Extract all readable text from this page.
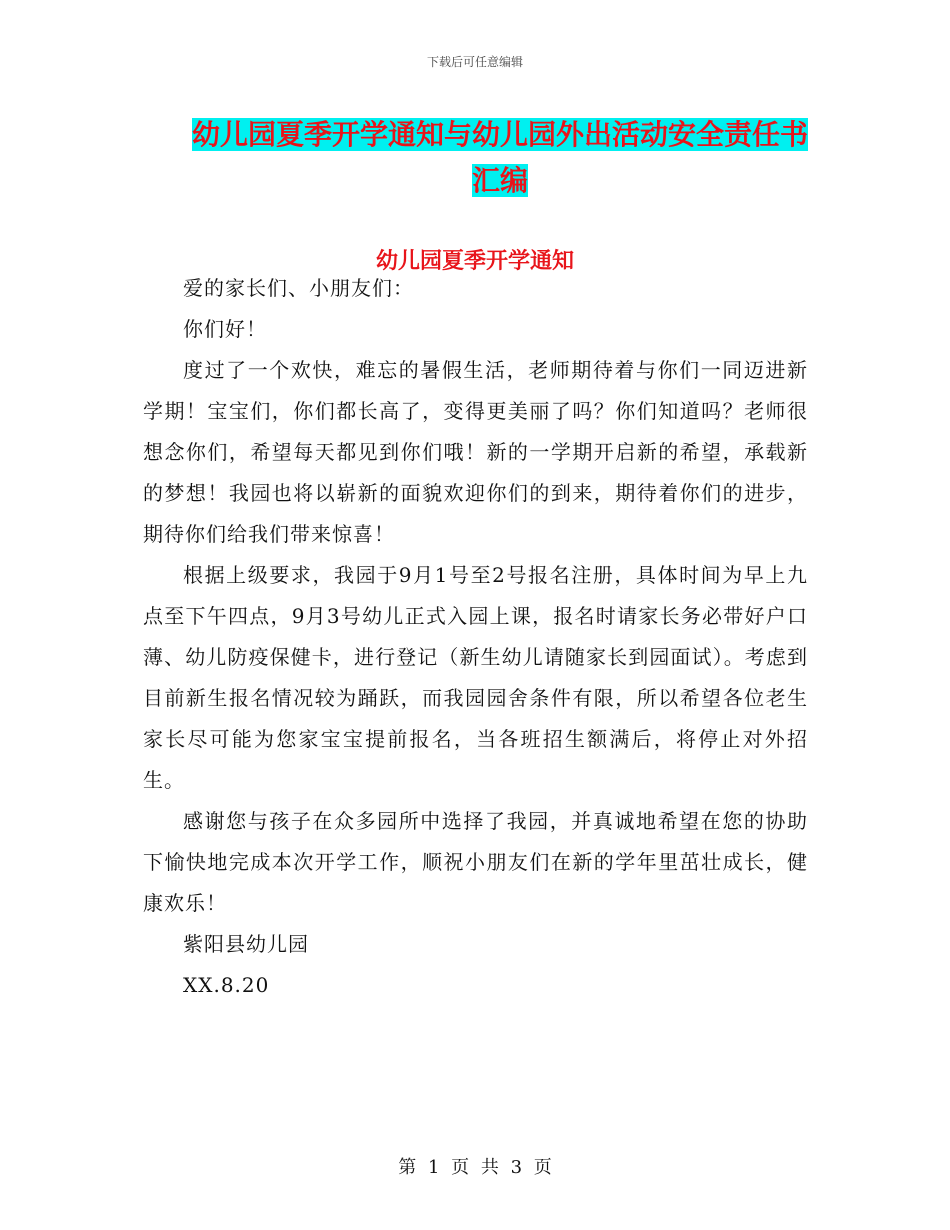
下载后可任意编辑
幼儿园夏季开学通知与幼儿园外出活动安全责任书汇编
幼儿园夏季开学通知

爱的家长们、小朋友们：

你们好！

度过了一个欢快，难忘的暑假生活，老师期待着与你们一同迈进新学期！宝宝们，你们都长高了，变得更美丽了吗？你们知道吗？老师很想念你们，希望每天都见到你们哦！新的一学期开启新的希望，承载新的梦想！我园也将以崭新的面貌欢迎你们的到来，期待着你们的进步，期待你们给我们带来惊喜！

根据上级要求，我园于9月1号至2号报名注册，具体时间为早上九点至下午四点，9月3号幼儿正式入园上课，报名时请家长务必带好户口薄、幼儿防疫保健卡，进行登记（新生幼儿请随家长到园面试）。考虑到目前新生报名情况较为踊跃，而我园园舍条件有限，所以希望各位老生家长尽可能为您家宝宝提前报名，当各班招生额满后，将停止对外招生。

感谢您与孩子在众多园所中选择了我园，并真诚地希望在您的协助下愉快地完成本次开学工作，顺祝小朋友们在新的学年里茁壮成长，健康欢乐！

紫阳县幼儿园

XX.8.20

第 1 页 共 3 页
